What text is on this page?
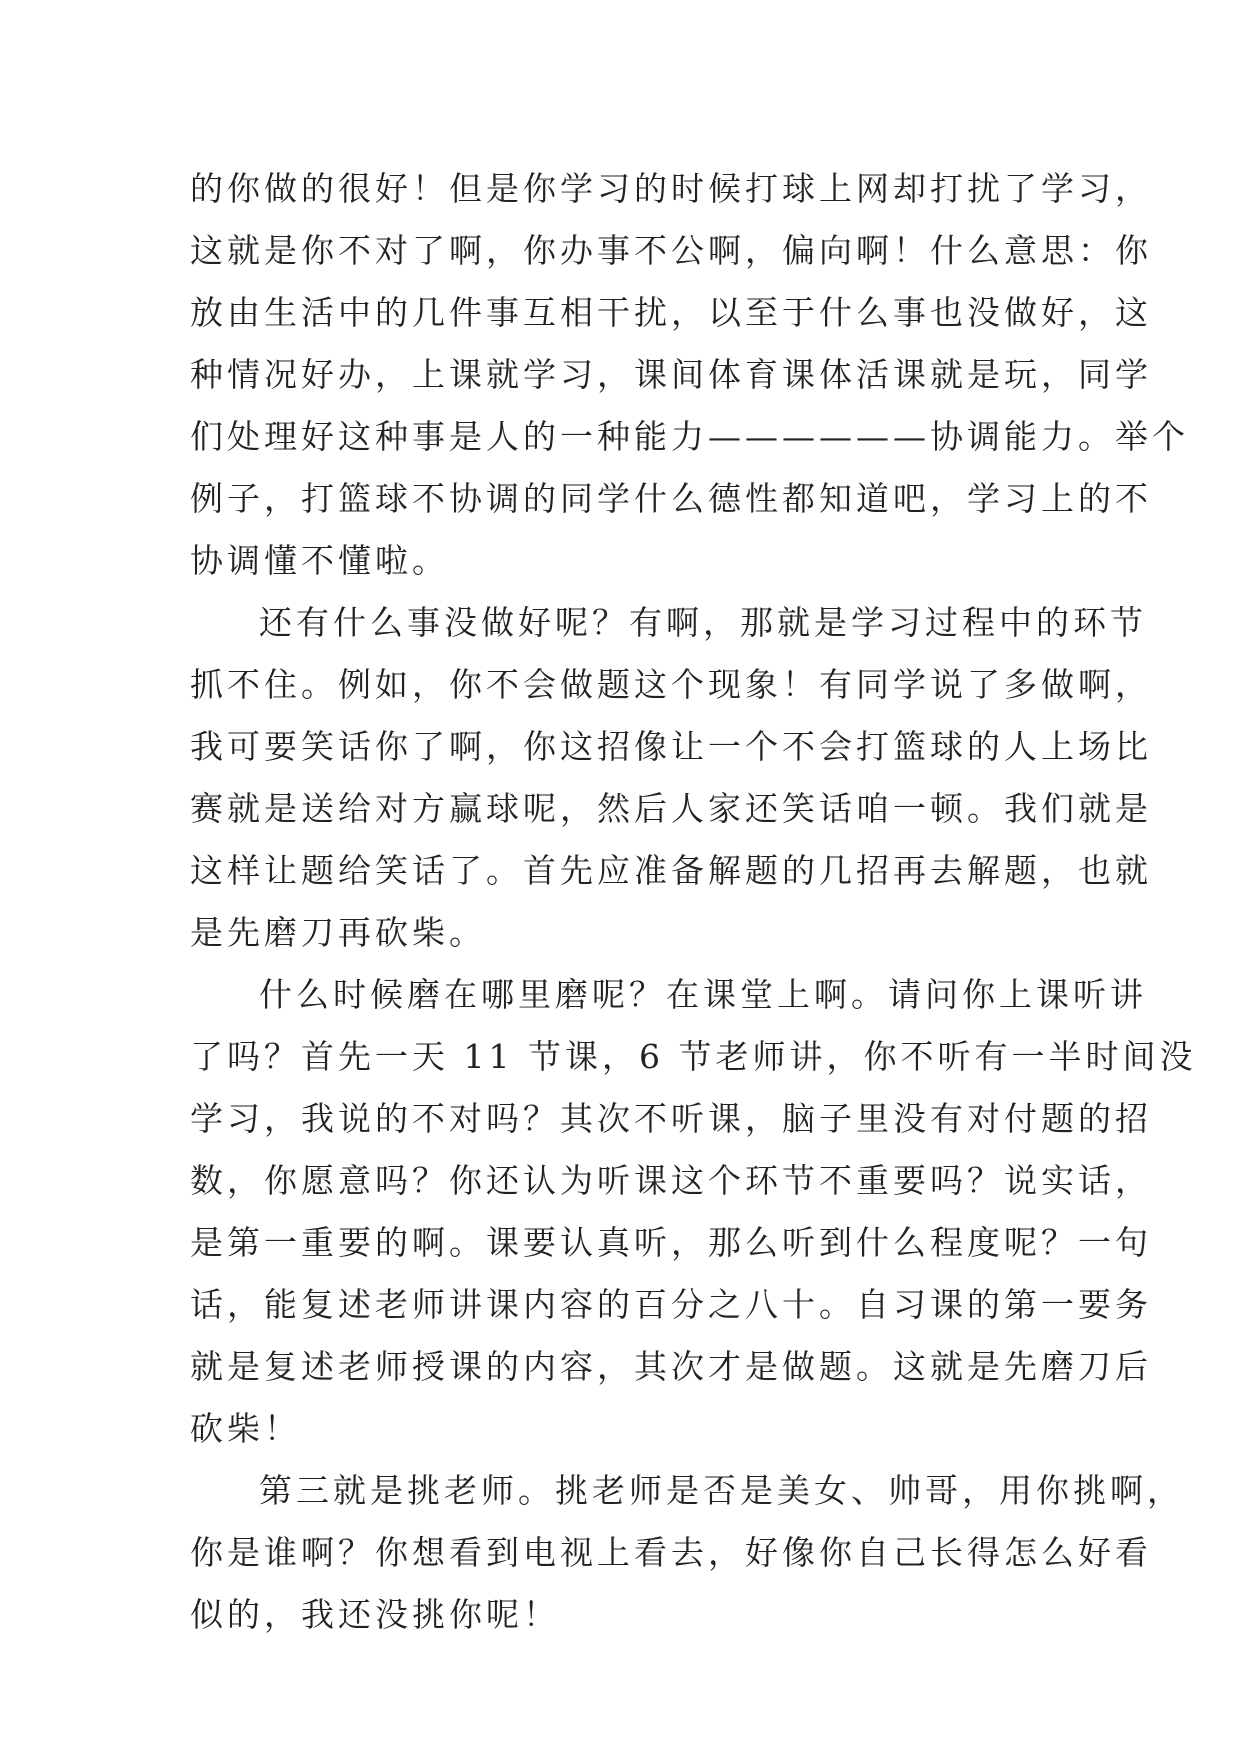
的你做的很好！但是你学习的时候打球上网却打扰了学习，
这就是你不对了啊，你办事不公啊，偏向啊！什么意思：你
放由生活中的几件事互相干扰，以至于什么事也没做好，这
种情况好办，上课就学习，课间体育课体活课就是玩，同学
们处理好这种事是人的一种能力——————协调能力。举个
例子，打篮球不协调的同学什么德性都知道吧，学习上的不
协调懂不懂啦。
还有什么事没做好呢？有啊，那就是学习过程中的环节
抓不住。例如，你不会做题这个现象！有同学说了多做啊，
我可要笑话你了啊，你这招像让一个不会打篮球的人上场比
赛就是送给对方赢球呢，然后人家还笑话咱一顿。我们就是
这样让题给笑话了。首先应准备解题的几招再去解题，也就
是先磨刀再砍柴。
什么时候磨在哪里磨呢？在课堂上啊。请问你上课听讲
了吗？首先一天 11 节课，6 节老师讲，你不听有一半时间没
学习，我说的不对吗？其次不听课，脑子里没有对付题的招
数，你愿意吗？你还认为听课这个环节不重要吗？说实话，
是第一重要的啊。课要认真听，那么听到什么程度呢？一句
话，能复述老师讲课内容的百分之八十。自习课的第一要务
就是复述老师授课的内容，其次才是做题。这就是先磨刀后
砍柴！
第三就是挑老师。挑老师是否是美女、帅哥，用你挑啊，
你是谁啊？你想看到电视上看去，好像你自己长得怎么好看
似的，我还没挑你呢！
